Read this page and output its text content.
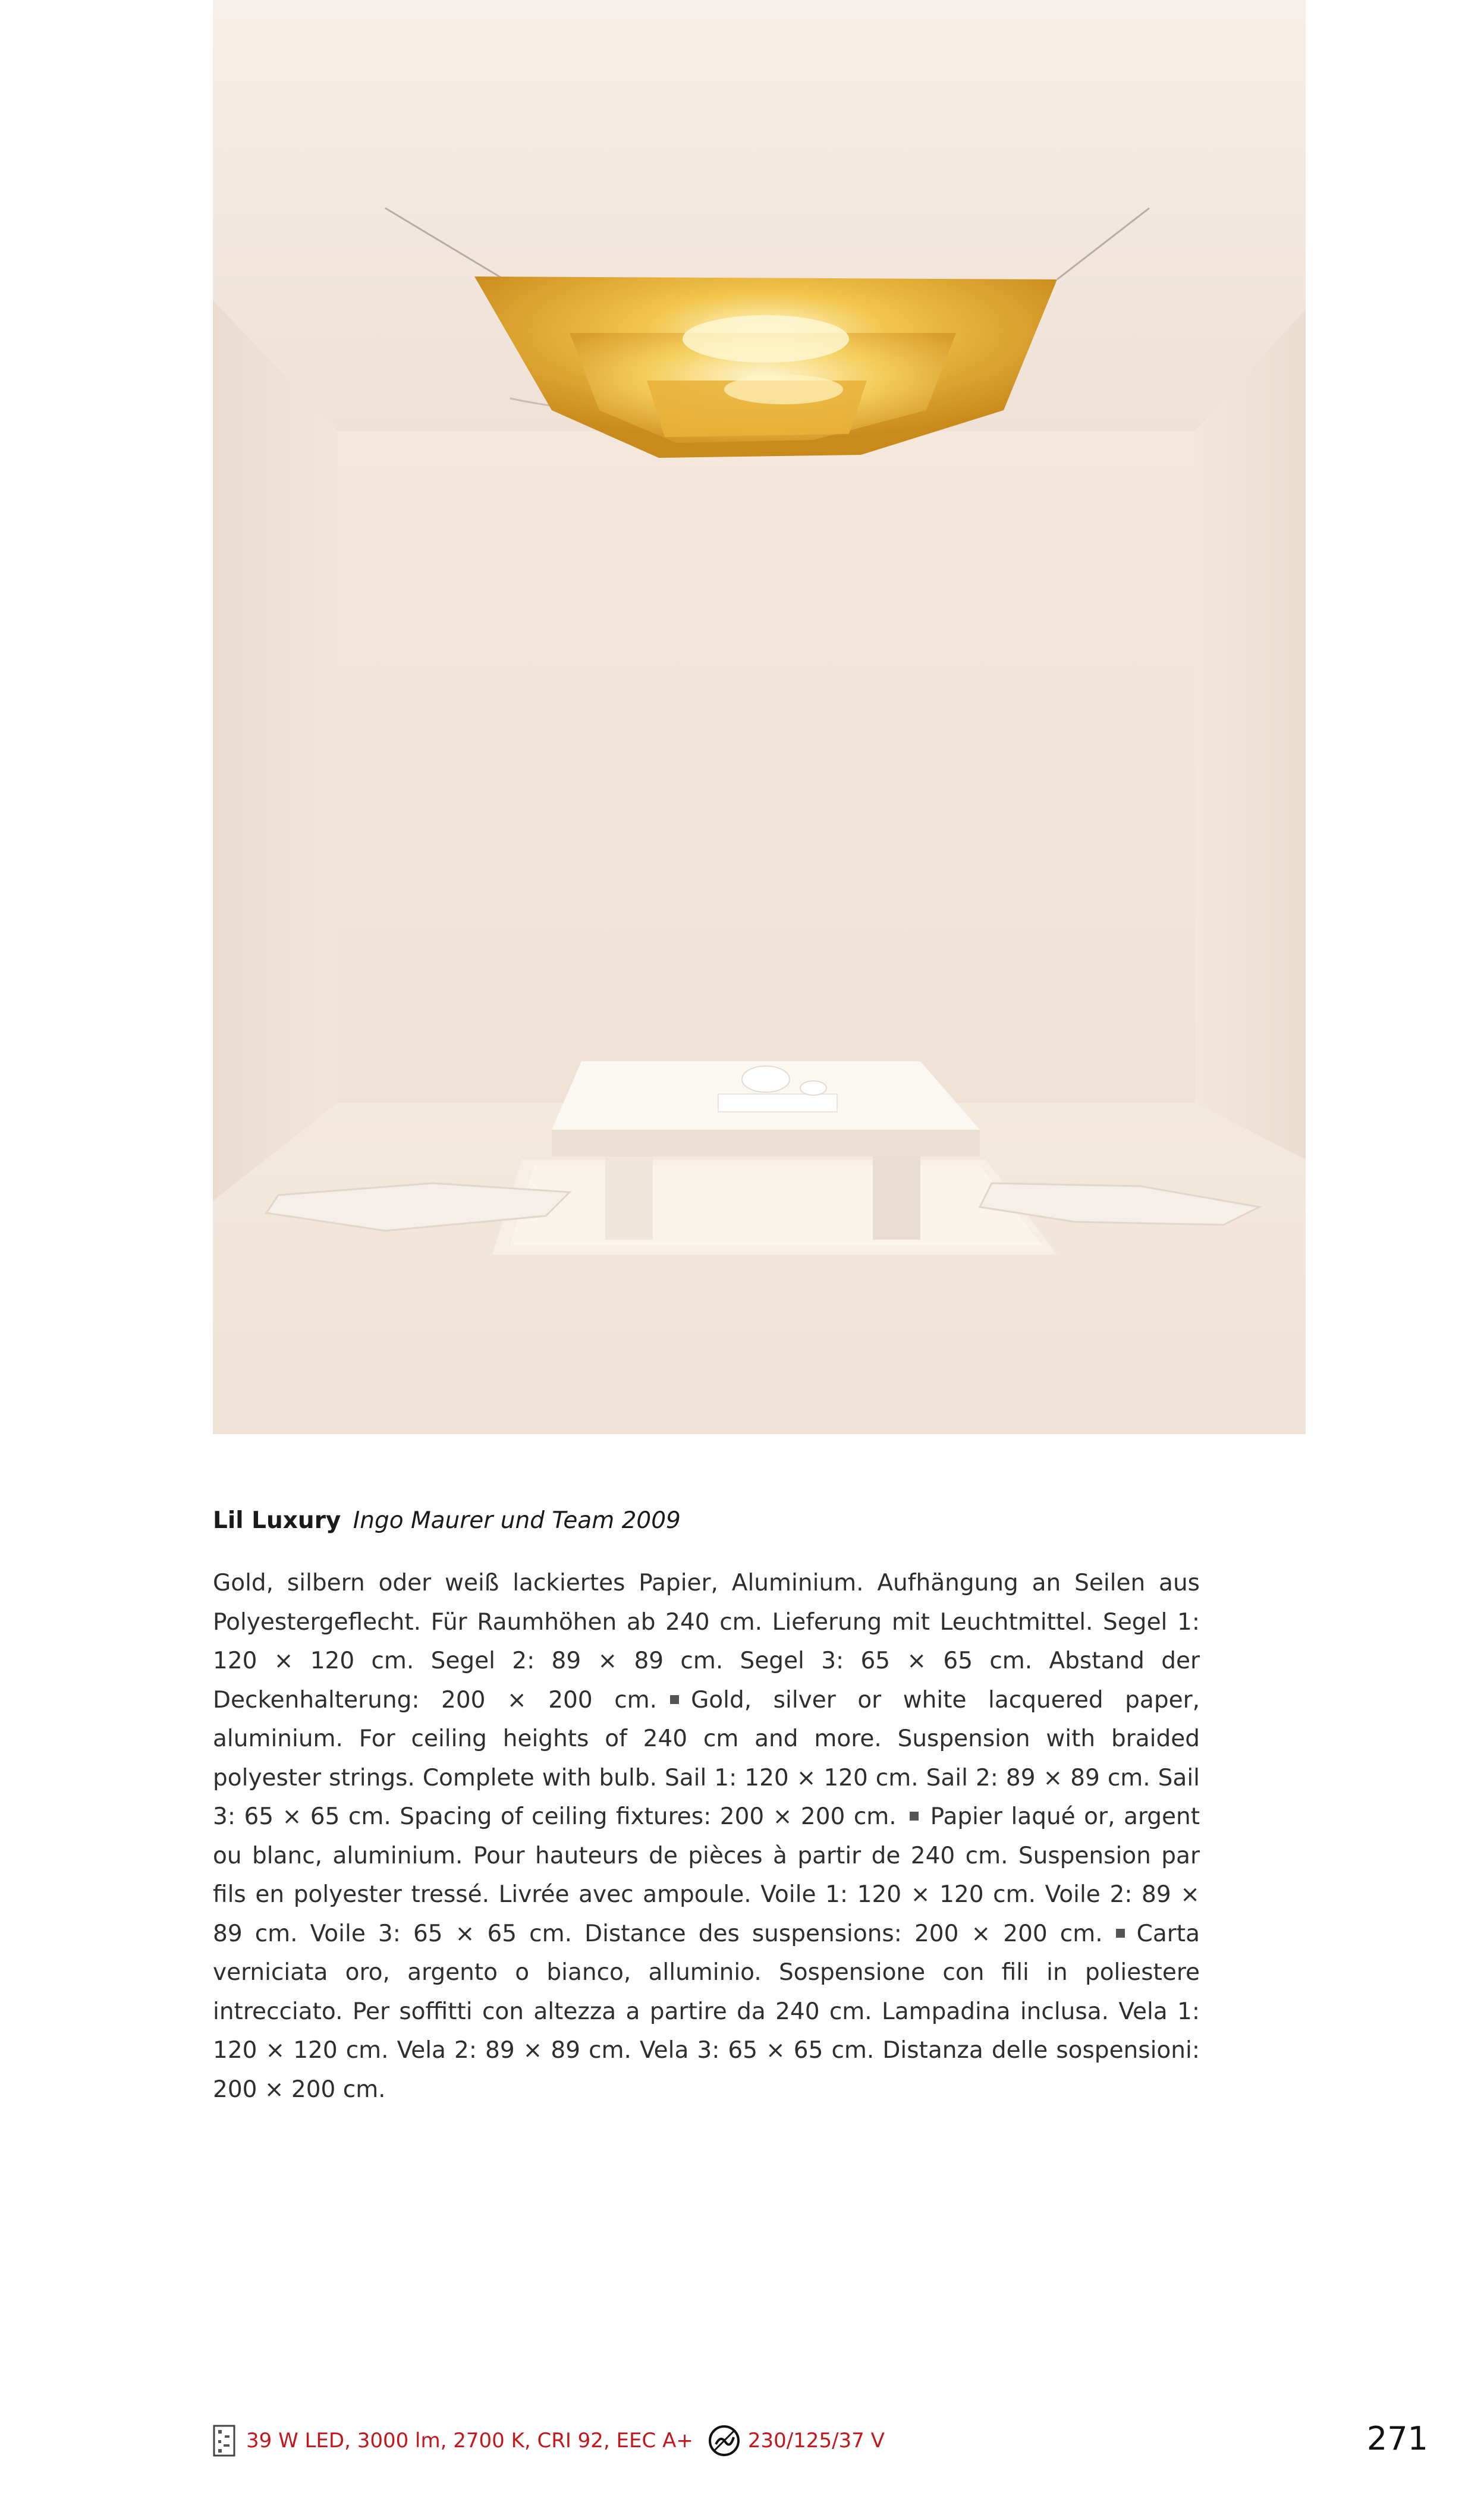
Lil Luxury Ingo Maurer und Team 2009

Gold, silbern oder weiß lackiertes Papier, Aluminium. Aufhängung an Seilen aus Polyestergeflecht. Für Raumhöhen ab 240 cm. Lieferung mit Leuchtmittel. Segel 1: 120 × 120 cm. Segel 2: 89 × 89 cm. Segel 3: 65 × 65 cm. Abstand der Deckenhalterung: 200 × 200 cm. Gold, silver or white lacquered paper, aluminium. For ceiling heights of 240 cm and more. Suspension with braided polyester strings. Complete with bulb. Sail 1: 120 × 120 cm. Sail 2: 89 × 89 cm. Sail 3: 65 × 65 cm. Spacing of ceiling fixtures: 200 × 200 cm. Papier laqué or, argent ou blanc, aluminium. Pour hauteurs de pièces à partir de 240 cm. Suspension par fils en polyester tressé. Livrée avec ampoule. Voile 1: 120 × 120 cm. Voile 2: 89 × 89 cm. Voile 3: 65 × 65 cm. Distance des suspensions: 200 × 200 cm. Carta verniciata oro, argento o bianco, alluminio. Sospensione con fili in poliestere intrecciato. Per soffitti con altezza a partire da 240 cm. Lampadina inclusa. Vela 1: 120 × 120 cm. Vela 2: 89 × 89 cm. Vela 3: 65 × 65 cm. Distanza delle sospensioni: 200 × 200 cm.

39 W LED, 3000 lm, 2700 K, CRI 92, EEC A+	230/125/37 V	271
